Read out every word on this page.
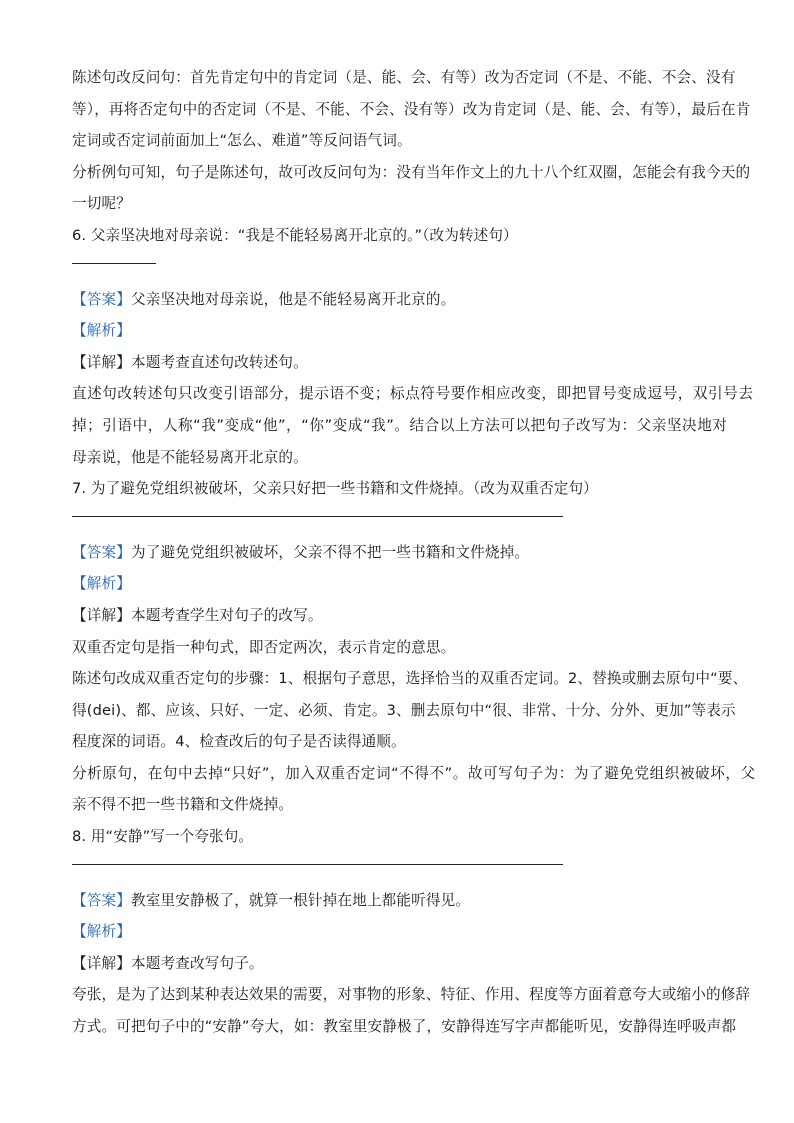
陈述句改反问句：首先肯定句中的肯定词（是、能、会、有等）改为否定词（不是、不能、不会、没有
等），再将否定句中的否定词（不是、不能、不会、没有等）改为肯定词（是、能、会、有等），最后在肯
定词或否定词前面加上“怎么、难道”等反问语气词。
分析例句可知，句子是陈述句，故可改反问句为：没有当年作文上的九十八个红双圈，怎能会有我今天的
一切呢？
6. 父亲坚决地对母亲说：“我是不能轻易离开北京的。”（改为转述句）
【答案】父亲坚决地对母亲说，他是不能轻易离开北京的。
【解析】
【详解】本题考查直述句改转述句。
直述句改转述句只改变引语部分，提示语不变；标点符号要作相应改变，即把冒号变成逗号，双引号去
掉；引语中，人称“我”变成“他”，“你”变成“我”。结合以上方法可以把句子改写为：父亲坚决地对
母亲说，他是不能轻易离开北京的。
7. 为了避免党组织被破坏，父亲只好把一些书籍和文件烧掉。（改为双重否定句）
【答案】为了避免党组织被破坏，父亲不得不把一些书籍和文件烧掉。
【解析】
【详解】本题考查学生对句子的改写。
双重否定句是指一种句式，即否定两次，表示肯定的意思。
陈述句改成双重否定句的步骤：1、根据句子意思，选择恰当的双重否定词。2、替换或删去原句中“要、
得(dei)、都、应该、只好、一定、必须、肯定。3、删去原句中“很、非常、十分、分外、更加”等表示
程度深的词语。4、检查改后的句子是否读得通顺。
分析原句，在句中去掉“只好”，加入双重否定词“不得不”。故可写句子为：为了避免党组织被破坏，父
亲不得不把一些书籍和文件烧掉。
8. 用“安静”写一个夸张句。
【答案】教室里安静极了，就算一根针掉在地上都能听得见。
【解析】
【详解】本题考查改写句子。
夸张，是为了达到某种表达效果的需要，对事物的形象、特征、作用、程度等方面着意夸大或缩小的修辞
方式。可把句子中的“安静”夸大，如：教室里安静极了，安静得连写字声都能听见，安静得连呼吸声都
